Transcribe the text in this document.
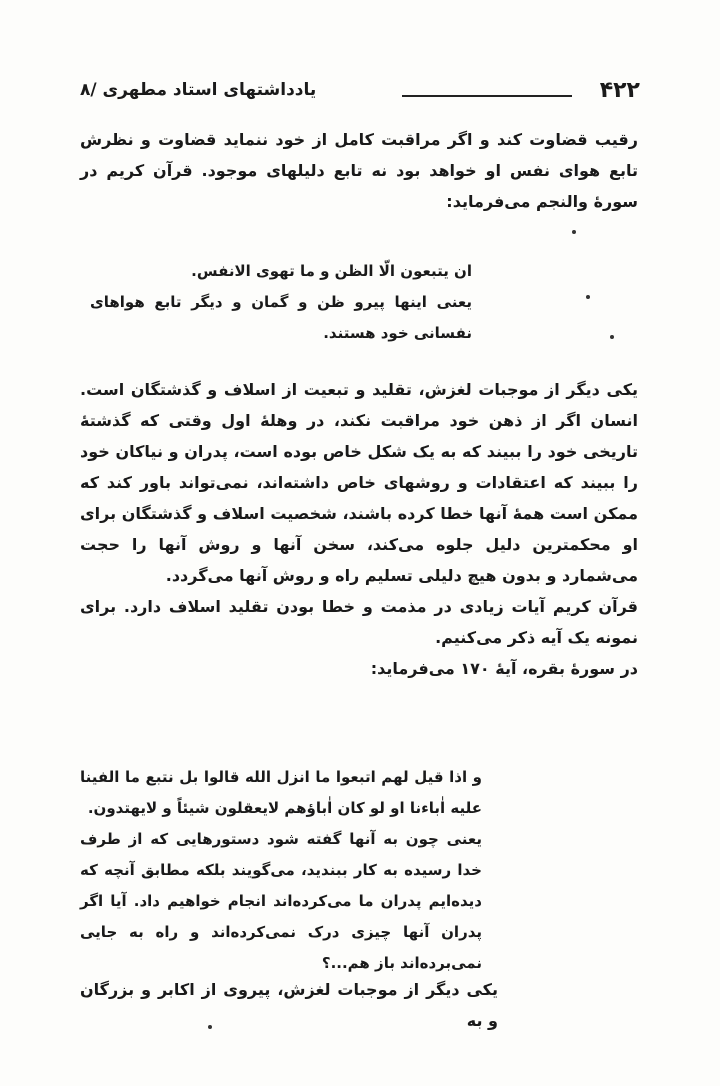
۴۲۲
یادداشتهای استاد مطهری /۸

رقیب قضاوت کند و اگر مراقبت کامل از خود ننماید قضاوت و نظرش تابع هوای نفس او خواهد بود نه تابع دلیلهای موجود. قرآن کریم در سورهٔ والنجم می‌فرماید:

ان یتبعون الّا الظن و ما تهوی الانفس.

یعنی اینها پیرو ظن و گمان و دیگر تابع هواهای نفسانی خود هستند.

یکی دیگر از موجبات لغزش، تقلید و تبعیت از اسلاف و گذشتگان است. انسان اگر از ذهن خود مراقبت نکند، در وهلهٔ اول وقتی که گذشتهٔ تاریخی خود را ببیند که به یک شکل خاص بوده است، پدران و نیاکان خود را ببیند که اعتقادات و روشهای خاص داشته‌اند، نمی‌تواند باور کند که ممکن است همهٔ آنها خطا کرده باشند، شخصیت اسلاف و گذشتگان برای او محکمترین دلیل جلوه می‌کند، سخن آنها و روش آنها را حجت می‌شمارد و بدون هیچ دلیلی تسلیم راه و روش آنها می‌گردد.

قرآن کریم آیات زیادی در مذمت و خطا بودن تقلید اسلاف دارد. برای نمونه یک آیه ذکر می‌کنیم.

در سورهٔ بقره، آیهٔ ۱۷۰ می‌فرماید:

و اذا قیل لهم اتبعوا ما انزل الله قالوا بل نتبع ما الفینا علیه اٰباءنا او لو کان اٰباؤهم لایعقلون شیئاً و لایهتدون.

یعنی چون به آنها گفته شود دستورهایی که از طرف خدا رسیده به کار ببندید، می‌گویند بلکه مطابق آنچه که دیده‌ایم پدران ما می‌کرده‌اند انجام خواهیم داد. آیا اگر پدران آنها چیزی درک نمی‌کرده‌اند و راه به جایی نمی‌برده‌اند باز هم...؟

یکی دیگر از موجبات لغزش، پیروی از اکابر و بزرگان و به
